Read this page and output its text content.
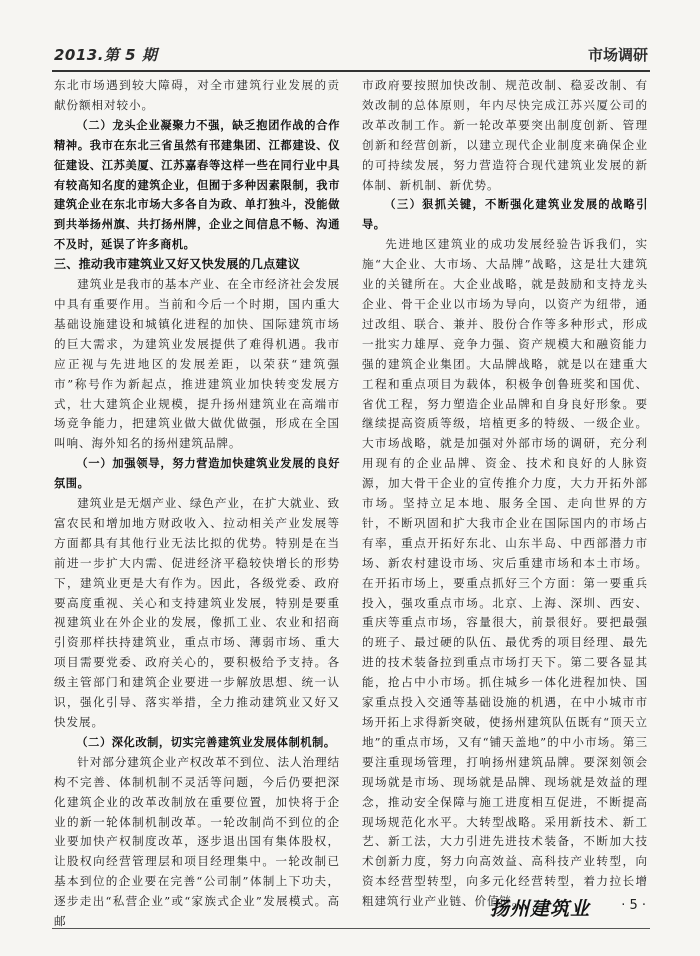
2013.第 5 期	市场调研

东北市场遇到较大障碍，对全市建筑行业发展的贡献份额相对较小。

（二）龙头企业凝聚力不强，缺乏抱团作战的合作精神。我市在东北三省虽然有邗建集团、江都建设、仪征建设、江苏美厦、江苏嘉春等这样一些在同行业中具有较高知名度的建筑企业，但囿于多种因素限制，我市建筑企业在东北市场大多各自为政、单打独斗，没能做到共举扬州旗、共打扬州牌，企业之间信息不畅、沟通不及时，延误了许多商机。

三、推动我市建筑业又好又快发展的几点建议

建筑业是我市的基本产业、在全市经济社会发展中具有重要作用。当前和今后一个时期，国内重大基础设施建设和城镇化进程的加快、国际建筑市场的巨大需求，为建筑业发展提供了难得机遇。我市应正视与先进地区的发展差距，以荣获“建筑强市”称号作为新起点，推进建筑业加快转变发展方式，壮大建筑企业规模，提升扬州建筑业在高端市场竞争能力，把建筑业做大做优做强，形成在全国叫响、海外知名的扬州建筑品牌。

（一）加强领导，努力营造加快建筑业发展的良好氛围。

建筑业是无烟产业、绿色产业，在扩大就业、致富农民和增加地方财政收入、拉动相关产业发展等方面都具有其他行业无法比拟的优势。特别是在当前进一步扩大内需、促进经济平稳较快增长的形势下，建筑业更是大有作为。因此，各级党委、政府要高度重视、关心和支持建筑业发展，特别是要重视建筑业在外企业的发展，像抓工业、农业和招商引资那样扶持建筑业，重点市场、薄弱市场、重大项目需要党委、政府关心的，要积极给予支持。各级主管部门和建筑企业要进一步解放思想、统一认识，强化引导、落实举措，全力推动建筑业又好又快发展。

（二）深化改制，切实完善建筑业发展体制机制。

针对部分建筑企业产权改革不到位、法人治理结构不完善、体制机制不灵活等问题，今后仍要把深化建筑企业的改革改制放在重要位置，加快将于企业的新一轮体制机制改革。一轮改制尚不到位的企业要加快产权制度改革，逐步退出国有集体股权，让股权向经营管理层和项目经理集中。一轮改制已基本到位的企业要在完善“公司制”体制上下功夫，逐步走出“私营企业”或“家族式企业”发展模式。高邮

市政府要按照加快改制、规范改制、稳妥改制、有效改制的总体原则，年内尽快完成江苏兴厦公司的改革改制工作。新一轮改革要突出制度创新、管理创新和经营创新，以建立现代企业制度来确保企业的可持续发展，努力营造符合现代建筑业发展的新体制、新机制、新优势。

（三）狠抓关键，不断强化建筑业发展的战略引导。

先进地区建筑业的成功发展经验告诉我们，实施“大企业、大市场、大品牌”战略，这是壮大建筑业的关键所在。大企业战略，就是鼓励和支持龙头企业、骨干企业以市场为导向，以资产为纽带，通过改组、联合、兼并、股份合作等多种形式，形成一批实力雄厚、竞争力强、资产规模大和融资能力强的建筑企业集团。大品牌战略，就是以在建重大工程和重点项目为载体，积极争创鲁班奖和国优、省优工程，努力塑造企业品牌和自身良好形象。要继续提高资质等级，培植更多的特级、一级企业。大市场战略，就是加强对外部市场的调研，充分利用现有的企业品牌、资金、技术和良好的人脉资源，加大骨干企业的宣传推介力度，大力开拓外部市场。坚持立足本地、服务全国、走向世界的方针，不断巩固和扩大我市企业在国际国内的市场占有率，重点开拓好东北、山东半岛、中西部潜力市场、新农村建设市场、灾后重建市场和本土市场。在开拓市场上，要重点抓好三个方面：第一要重兵投入，强攻重点市场。北京、上海、深圳、西安、重庆等重点市场，容量很大，前景很好。要把最强的班子、最过硬的队伍、最优秀的项目经理、最先进的技术装备拉到重点市场打天下。第二要各显其能，抢占中小市场。抓住城乡一体化进程加快、国家重点投入交通等基础设施的机遇，在中小城市市场开拓上求得新突破，使扬州建筑队伍既有“顶天立地”的重点市场，又有“铺天盖地”的中小市场。第三要注重现场管理，打响扬州建筑品牌。要深刻领会现场就是市场、现场就是品牌、现场就是效益的理念，推动安全保障与施工进度相互促进，不断提高现场规范化水平。大转型战略。采用新技术、新工艺、新工法，大力引进先进技术装备，不断加大技术创新力度，努力向高效益、高科技产业转型，向资本经营型转型，向多元化经营转型，着力拉长增粗建筑行业产业链、价值链。

扬州建筑业 · 5 ·
